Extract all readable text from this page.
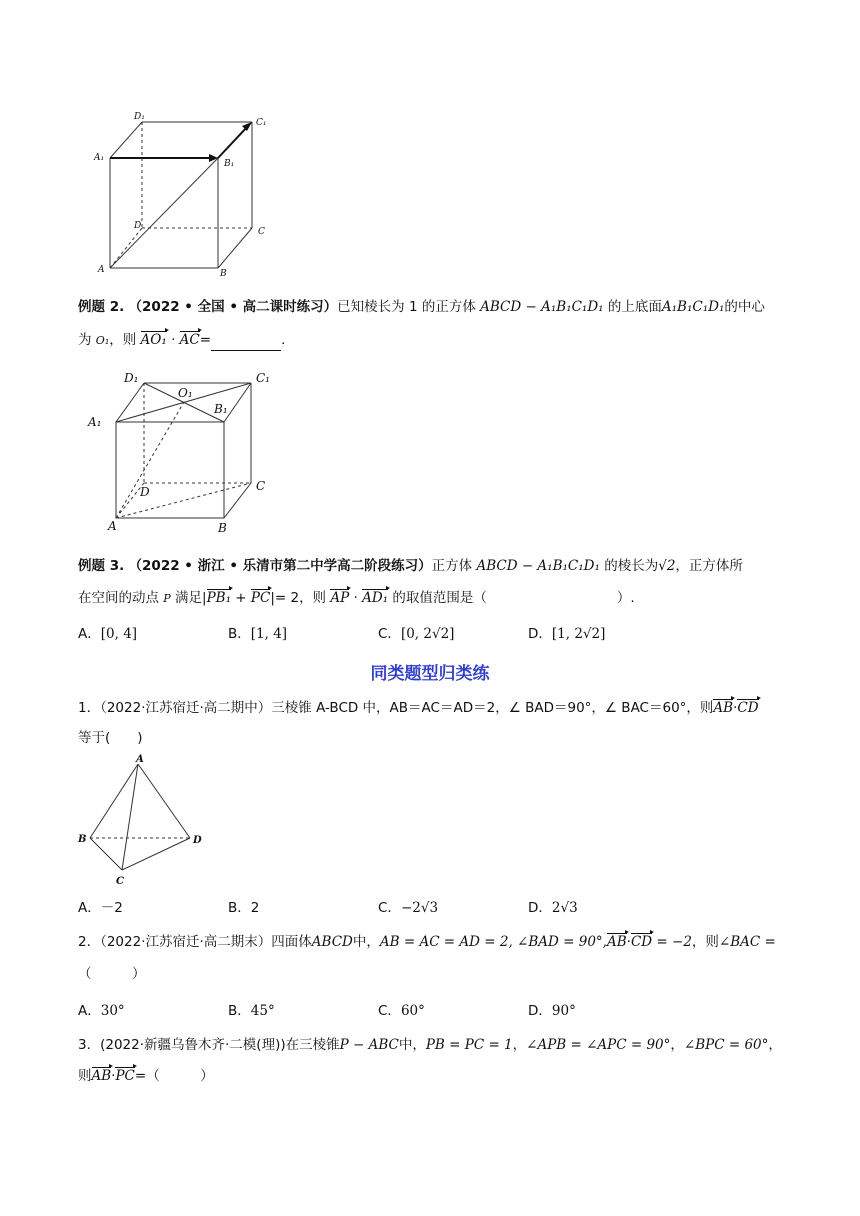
D₁
C₁
A₁
B₁
D
C
A	B
例题 2. （2022 • 全国 • 高二课时练习）已知棱长为 1 的正方体 ABCD − A₁B₁C₁D₁ 的上底面A₁B₁C₁D₁的中心
为 O₁，则 AO₁ · AC=	.
D₁
O₁
C₁
A₁
B₁
D	C
A	B
例题 3. （2022 • 浙江 • 乐清市第二中学高二阶段练习）正方体 ABCD − A₁B₁C₁D₁ 的棱长为√2，正方体所
在空间的动点 P 满足|PB₁ + PC|= 2，则 AP · AD₁ 的取值范围是（	）.
A．[0, 4]	B．[1, 4]	C．[0, 2√2]	D．[1, 2√2]
同类题型归类练
1．（2022·江苏宿迁·高二期中）三棱锥 A-BCD 中，AB＝AC＝AD＝2，∠ BAD＝90°，∠ BAC＝60°，则AB·CD
等于(　　)
A
B
C
D
A．－2	B．2	C．−2√3	D．2√3
2．（2022·江苏宿迁·高二期末）四面体ABCD中，AB = AC = AD = 2, ∠BAD = 90°,AB·CD = −2，则∠BAC =
（　　　）
A．30°	B．45°	C．60°	D．90°
3．(2022·新疆乌鲁木齐·二模(理))在三棱锥P − ABC中，PB = PC = 1，∠APB = ∠APC = 90°，∠BPC = 60°，
则AB·PC=（　　　）
